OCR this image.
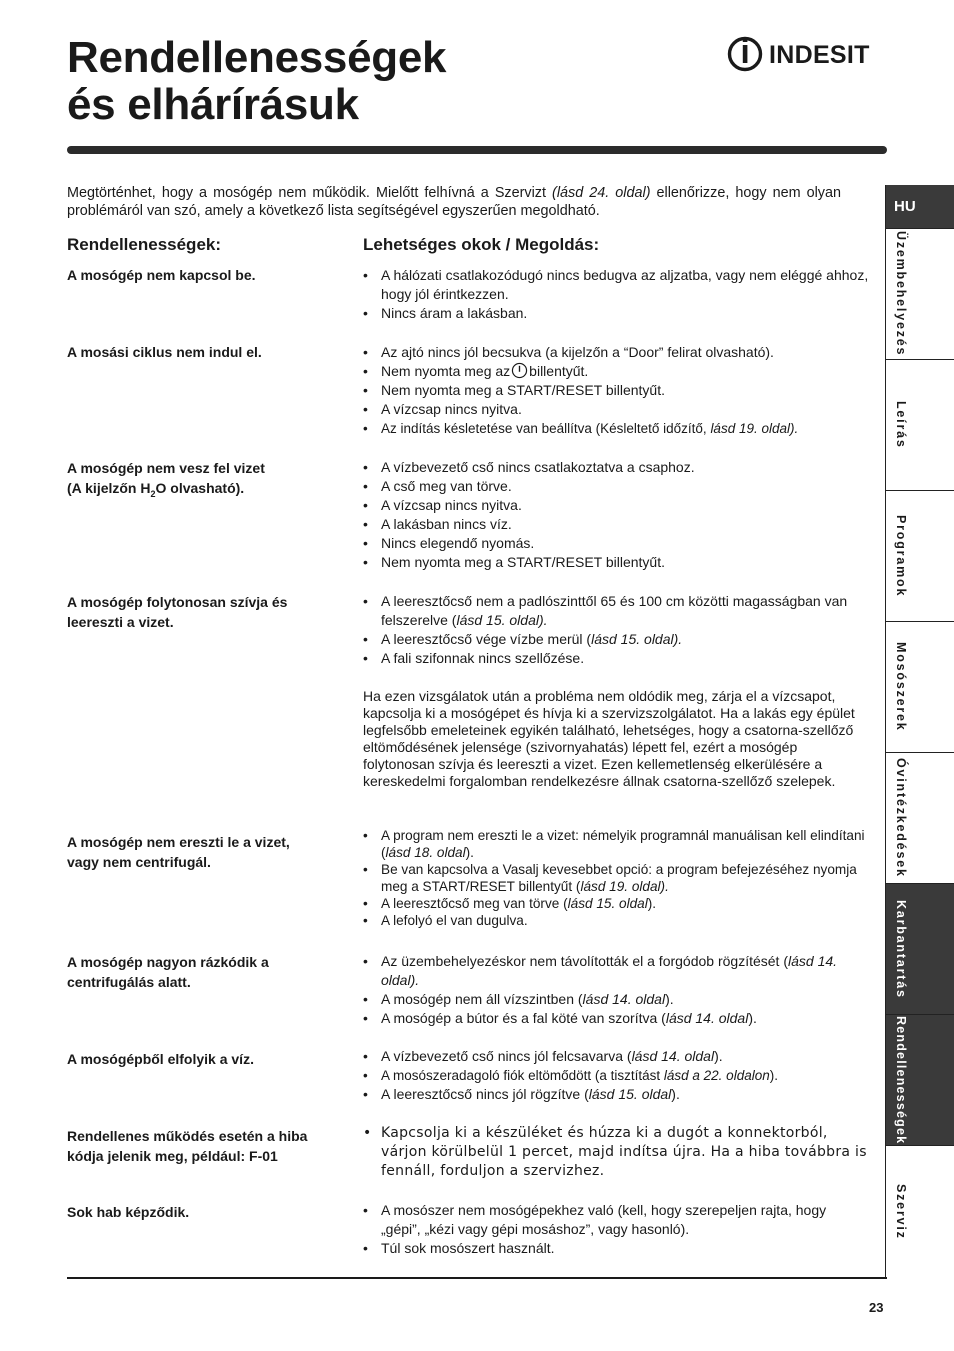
Rendellenességek
és elhárírásuk
INDESIT

Megtörténhet, hogy a mosógép nem működik. Mielőtt felhívná a Szervizt (lásd 24. oldal) ellenőrizze, hogy nem olyan problémáról van szó, amely a következő lista segítségével egyszerűen megoldható.

Rendellenességek:	Lehetséges okok / Megoldás:

A mosógép nem kapcsol be.	• A hálózati csatlakozódugó nincs bedugva az aljzatba, vagy nem eléggé ahhoz, hogy jól érintkezzen.
• Nincs áram a lakásban.

A mosási ciklus nem indul el.	• Az ajtó nincs jól becsukva (a kijelzőn a “Door” felirat olvasható).
• Nem nyomta meg az billentyűt.
• Nem nyomta meg a START/RESET billentyűt.
• A vízcsap nincs nyitva.
• Az indítás késletetése van beállítva (Késleltető időzítő, lásd 19. oldal).

A mosógép nem vesz fel vizet
(A kijelzőn $H_2O$ olvasható).

• A vízbevezető cső nincs csatlakoztatva a csaphoz.
• A cső meg van törve.
• A vízcsap nincs nyitva.
• A lakásban nincs víz.
• Nincs elegendő nyomás.
• Nem nyomta meg a START/RESET billentyűt.

A mosógép folytonosan szívja és
leereszti a vizet.

• A leeresztőcső nem a padlószinttől 65 és 100 cm közötti magasságban van felszerelve (lásd 15. oldal).
• A leeresztőcső vége vízbe merül (lásd 15. oldal).
• A fali szifonnak nincs szellőzése.

Ha ezen vizsgálatok után a probléma nem oldódik meg, zárja el a vízcsapot, kapcsolja ki a mosógépet és hívja ki a szervizszolgálatot. Ha a lakás egy épület legfelsőbb emeleteinek egyikén található, lehetséges, hogy a csatorna-szellőző eltömődésének jelensége (szivornyahatás) lépett fel, ezért a mosógép folytonosan szívja és leereszti a vizet. Ezen kellemetlenség elkerülésére a kereskedelmi forgalomban rendelkezésre állnak csatorna-szellőző szelepek.

A mosógép nem ereszti le a vizet,
vagy nem centrifugál.

• A program nem ereszti le a vizet: némelyik programnál manuálisan kell elindítani (lásd 18. oldal).
• Be van kapcsolva a Vasalj kevesebbet opció: a program befejezéséhez nyomja meg a START/RESET billentyűt (lásd 19. oldal).
• A leeresztőcső meg van törve (lásd 15. oldal).
• A lefolyó el van dugulva.

A mosógép nagyon rázkódik a
centrifugálás alatt.

• Az üzembehelyezéskor nem távolították el a forgódob rögzítését (lásd 14. oldal).
• A mosógép nem áll vízszintben (lásd 14. oldal).
• A mosógép a bútor és a fal köté van szorítva (lásd 14. oldal).

A mosógépből elfolyik a víz.	• A vízbevezető cső nincs jól felcsavarva (lásd 14. oldal).
• A mosószeradagoló fiók eltömődött (a tisztítást lásd a 22. oldalon).
• A leeresztőcső nincs jól rögzítve (lásd 15. oldal).

Rendellenes működés esetén a hiba
kódja jelenik meg, például: F-01

• Kapcsolja ki a készüléket és húzza ki a dugót a konnektorból, várjon körülbelül 1 percet, majd indítsa újra. Ha a hiba továbbra is fennáll, forduljon a szervizhez.

Sok hab képződik.	• A mosószer nem mosógépekhez való (kell, hogy szerepeljen rajta, hogy „gépi”, „kézi vagy gépi mosáshoz”, vagy hasonló).
• Túl sok mosószert használt.
23
HU
Üzembehelyezés
Leírás
Programok
Mosószerek
Óvintézkedések
Karbantartás
Rendellenességek
Szerviz
